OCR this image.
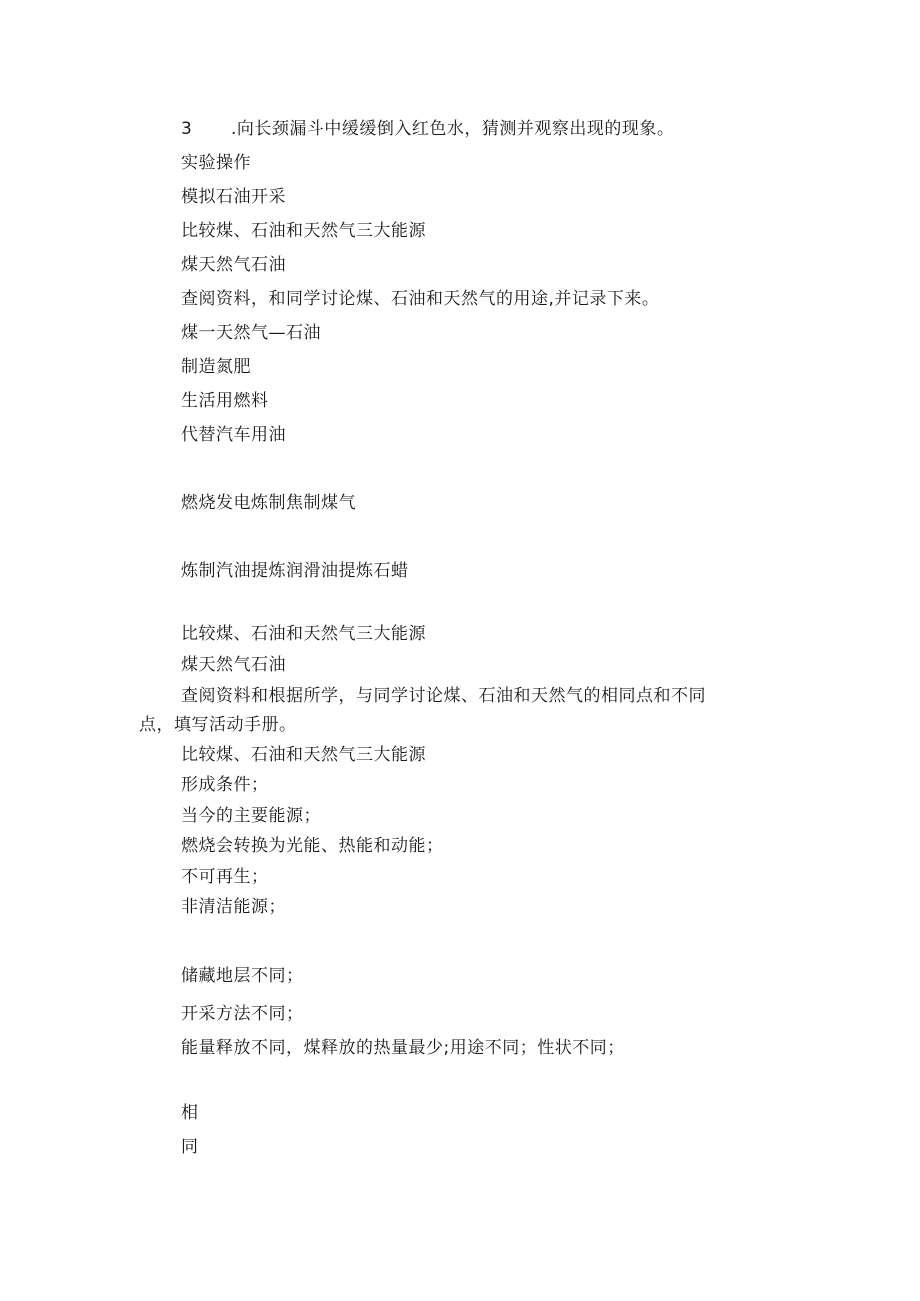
3 .向长颈漏斗中缓缓倒入红色水，猜测并观察出现的现象。
实验操作
模拟石油开采
比较煤、石油和天然气三大能源
煤天然气石油
查阅资料，和同学讨论煤、石油和天然气的用途,并记录下来。
煤一天然气—石油
制造氮肥
生活用燃料
代替汽车用油
燃烧发电炼制焦制煤气
炼制汽油提炼润滑油提炼石蜡
比较煤、石油和天然气三大能源
煤天然气石油
查阅资料和根据所学，与同学讨论煤、石油和天然气的相同点和不同
点，填写活动手册。
比较煤、石油和天然气三大能源
形成条件；
当今的主要能源；
燃烧会转换为光能、热能和动能；
不可再生；
非清洁能源；
储藏地层不同；
开采方法不同；
能量释放不同，煤释放的热量最少;用途不同；性状不同；
相
同
